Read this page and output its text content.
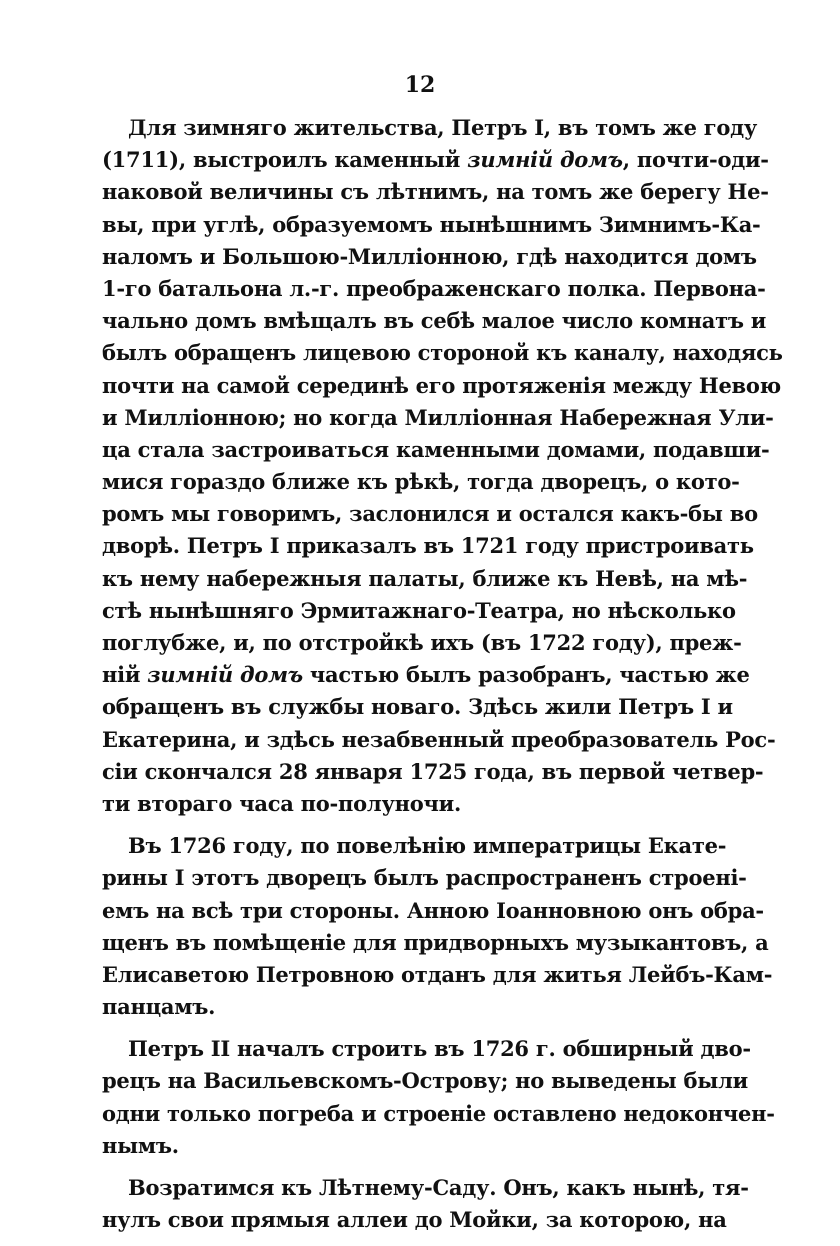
12
Для зимняго жительства, Петръ I, въ томъ же году
(1711), выстроилъ каменный зимній домъ, почти-оди-
наковой величины съ лѣтнимъ, на томъ же берегу Не-
вы, при углѣ, образуемомъ нынѣшнимъ Зимнимъ-Ка-
наломъ и Большою-Милліонною, гдѣ находится домъ
1-го батальона л.-г. преображенскаго полка. Первона-
чально домъ вмѣщалъ въ себѣ малое число комнатъ и
былъ обращенъ лицевою стороной къ каналу, находясь
почти на самой серединѣ его протяженія между Невою
и Милліонною; но когда Милліонная Набережная Ули-
ца стала застроиваться каменными домами, подавши-
мися гораздо ближе къ рѣкѣ, тогда дворецъ, о кото-
ромъ мы говоримъ, заслонился и остался какъ-бы во
дворѣ. Петръ I приказалъ въ 1721 году пристроивать
къ нему набережныя палаты, ближе къ Невѣ, на мѣ-
стѣ нынѣшняго Эрмитажнаго-Театра, но нѣсколько
поглубже, и, по отстройкѣ ихъ (въ 1722 году), преж-
ній зимній домъ частью былъ разобранъ, частью же
обращенъ въ службы новаго. Здѣсь жили Петръ I и
Екатерина, и здѣсь незабвенный преобразователь Рос-
сіи скончался 28 января 1725 года, въ первой четвер-
ти втораго часа по-полуночи.
Въ 1726 году, по повелѣнію императрицы Екате-
рины I этотъ дворецъ былъ распространенъ строені-
емъ на всѣ три стороны. Анною Іоанновною онъ обра-
щенъ въ помѣщеніе для придворныхъ музыкантовъ, а
Елисаветою Петровною отданъ для житья Лейбъ-Кам-
панцамъ.
Петръ II началъ строить въ 1726 г. обширный дво-
рецъ на Васильевскомъ-Острову; но выведены были
одни только погреба и строеніе оставлено недокончен-
нымъ.
Возратимся къ Лѣтнему-Саду. Онъ, какъ нынѣ, тя-
нулъ свои прямыя аллеи до Мойки, за которою, на
